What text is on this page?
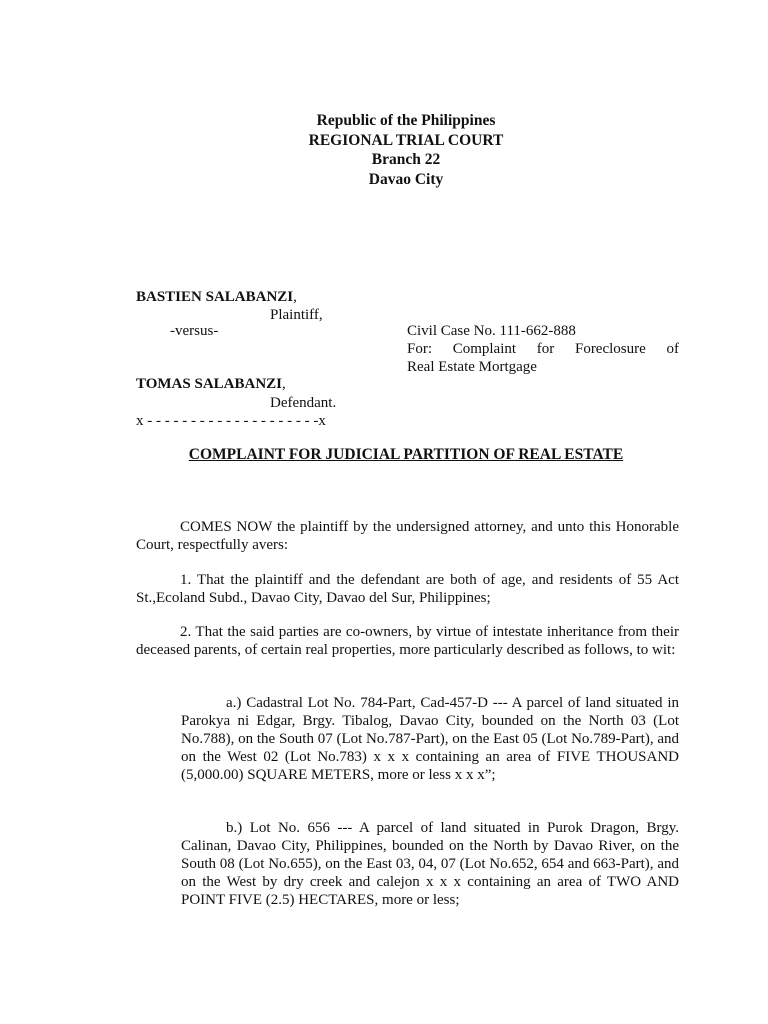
Republic of the Philippines
REGIONAL TRIAL COURT
Branch 22
Davao City
BASTIEN SALABANZI,
Plaintiff,
-versus-
TOMAS SALABANZI,
Defendant.
x - - - - - - - - - - - - - - - - - - - -x
Civil Case No. 111-662-888
For: Complaint for Foreclosure of
Real Estate Mortgage
COMPLAINT FOR JUDICIAL PARTITION OF REAL ESTATE

COMES NOW the plaintiff by the undersigned attorney, and unto this Honorable Court, respectfully avers:

1. That the plaintiff and the defendant are both of age, and residents of 55 Act St.,Ecoland Subd., Davao City, Davao del Sur, Philippines;

2. That the said parties are co-owners, by virtue of intestate inheritance from their deceased parents, of certain real properties, more particularly described as follows, to wit:

a.) Cadastral Lot No. 784-Part, Cad-457-D --- A parcel of land situated in Parokya ni Edgar, Brgy. Tibalog, Davao City, bounded on the North 03 (Lot No.788), on the South 07 (Lot No.787-Part), on the East 05 (Lot No.789-Part), and on the West 02 (Lot No.783) x x x containing an area of FIVE THOUSAND (5,000.00) SQUARE METERS, more or less x x x”;

b.) Lot No. 656 --- A parcel of land situated in Purok Dragon, Brgy. Calinan, Davao City, Philippines, bounded on the North by Davao River, on the South 08 (Lot No.655), on the East 03, 04, 07 (Lot No.652, 654 and 663-Part), and on the West by dry creek and calejon x x x containing an area of TWO AND POINT FIVE (2.5) HECTARES, more or less;
